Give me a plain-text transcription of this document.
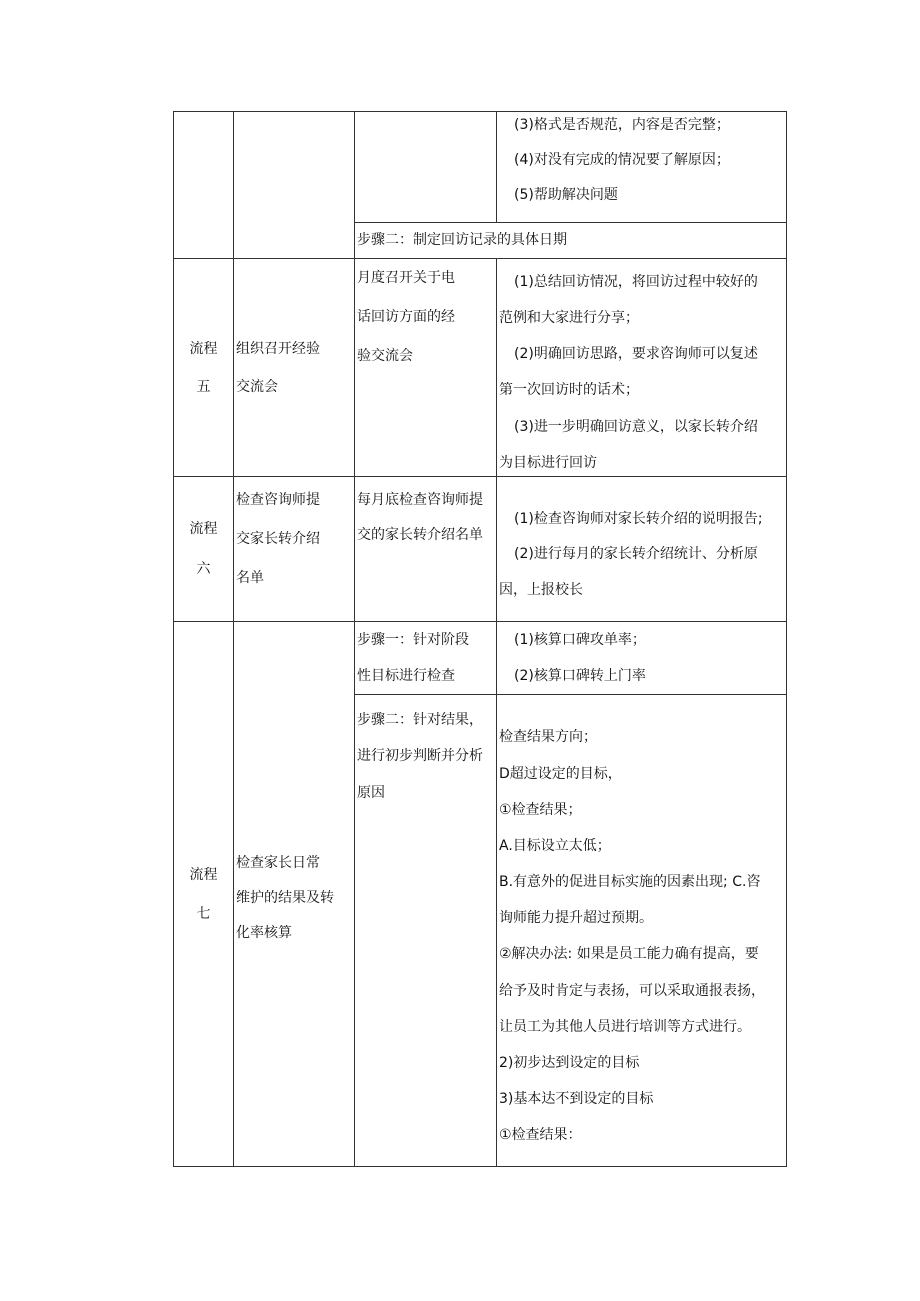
(3)格式是否规范，内容是否完整；
(4)对没有完成的情况要了解原因；
(5)帮助解决问题
步骤二：制定回访记录的具体日期
流程
五
组织召开经验
交流会
月度召开关于电
话回访方面的经
验交流会
(1)总结回访情况，将回访过程中较好的
范例和大家进行分享；
(2)明确回访思路，要求咨询师可以复述
第一次回访时的话术；
(3)进一步明确回访意义，以家长转介绍
为目标进行回访
流程
六
检查咨询师提
交家长转介绍
名单
每月底检查咨询师提
交的家长转介绍名单
(1)检查咨询师对家长转介绍的说明报告;
(2)进行每月的家长转介绍统计、分析原
因，上报校长
流程
七
检查家长日常
维护的结果及转
化率核算
步骤一：针对阶段
性目标进行检查
(1)核算口碑攻单率；
(2)核算口碑转上门率
步骤二：针对结果，
进行初步判断并分析
原因
检查结果方向；
D超过设定的目标，
①检查结果；
A.目标设立太低；
B.有意外的促进目标实施的因素出现; C.咨
询师能力提升超过预期。
②解决办法: 如果是员工能力确有提高，要
给予及时肯定与表扬，可以采取通报表扬，
让员工为其他人员进行培训等方式进行。
2)初步达到设定的目标
3)基本达不到设定的目标
①检查结果：
